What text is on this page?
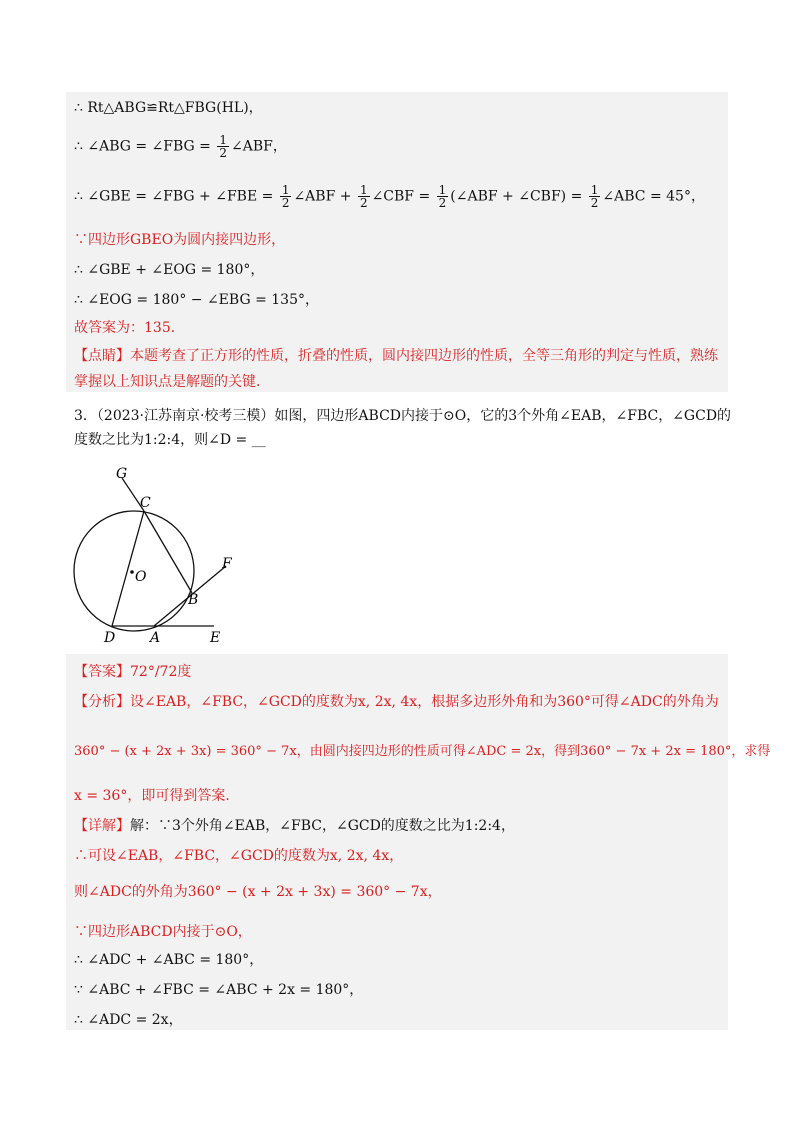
∴ Rt△ABG≌Rt△FBG(HL)，
∴ ∠ABG = ∠FBG = $\frac{1}{2}$ ∠ABF，
∴ ∠GBE = ∠FBG + ∠FBE = $\frac{1}{2}$ ∠ABF + $\frac{1}{2}$ ∠CBF = $\frac{1}{2}$ (∠ABF + ∠CBF) = $\frac{1}{2}$ ∠ABC = 45°，
∵四边形GBEO为圆内接四边形，
∴ ∠GBE + ∠EOG = 180°，
∴ ∠EOG = 180° − ∠EBG = 135°，
故答案为：135．
【点睛】本题考查了正方形的性质，折叠的性质，圆内接四边形的性质，全等三角形的判定与性质，熟练
掌握以上知识点是解题的关键．
3．（2023·江苏南京·校考三模）如图，四边形ABCD内接于⊙O，它的3个外角∠EAB，∠FBC，∠GCD的
度数之比为1:2:4，则∠D = __
G
C
O
F
B
D A	E
【答案】72°/72度
【分析】设∠EAB，∠FBC，∠GCD的度数为x, 2x, 4x，根据多边形外角和为360°可得∠ADC的外角为
360° − (x + 2x + 3x) = 360° − 7x，由圆内接四边形的性质可得∠ADC = 2x，得到360° − 7x + 2x = 180°，求得
x = 36°，即可得到答案．
【详解】解：∵3个外角∠EAB，∠FBC，∠GCD的度数之比为1:2:4，
∴可设∠EAB，∠FBC，∠GCD的度数为x, 2x, 4x，
则∠ADC的外角为360° − (x + 2x + 3x) = 360° − 7x，
∵四边形ABCD内接于⊙O，
∴ ∠ADC + ∠ABC = 180°，
∵ ∠ABC + ∠FBC = ∠ABC + 2x = 180°，
∴ ∠ADC = 2x，
